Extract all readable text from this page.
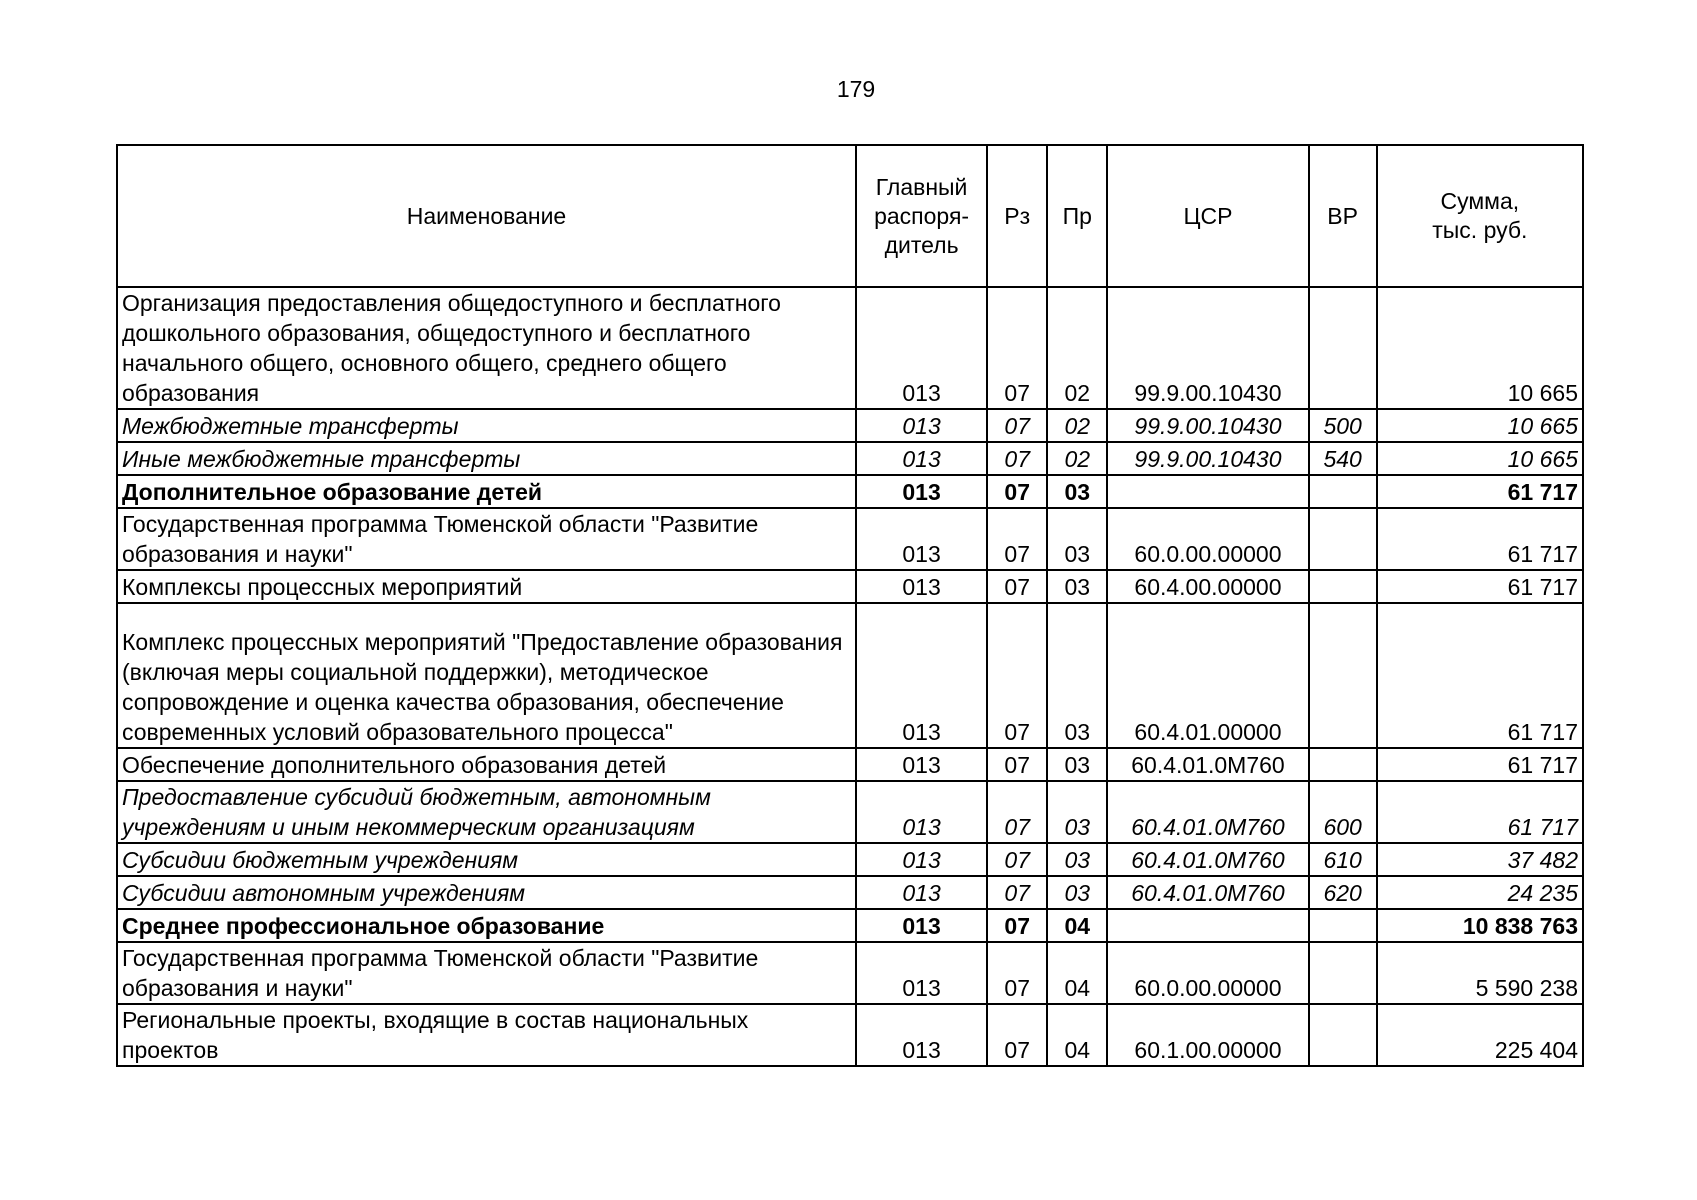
179
Наименование	Главный
распоря-
дитель	Рз	Пр	ЦСР	ВР	Сумма,
тыс. руб.
Организация предоставления общедоступного и бесплатного дошкольного образования, общедоступного и бесплатного начального общего, основного общего, среднего общего образования	013	07	02	99.9.00.10430		10 665
Межбюджетные трансферты	013	07	02	99.9.00.10430	500	10 665
Иные межбюджетные трансферты	013	07	02	99.9.00.10430	540	10 665
Дополнительное образование детей	013	07	03			61 717
Государственная программа Тюменской области "Развитие образования и науки"	013	07	03	60.0.00.00000		61 717
Комплексы процессных мероприятий	013	07	03	60.4.00.00000		61 717
Комплекс процессных мероприятий "Предоставление образования (включая меры социальной поддержки), методическое сопровождение и оценка качества образования, обеспечение современных условий образовательного процесса"	013	07	03	60.4.01.00000		61 717
Обеспечение дополнительного образования детей	013	07	03	60.4.01.0М760		61 717
Предоставление субсидий бюджетным, автономным учреждениям и иным некоммерческим организациям	013	07	03	60.4.01.0М760	600	61 717
Субсидии бюджетным учреждениям	013	07	03	60.4.01.0М760	610	37 482
Субсидии автономным учреждениям	013	07	03	60.4.01.0М760	620	24 235
Среднее профессиональное образование	013	07	04			10 838 763
Государственная программа Тюменской области "Развитие образования и науки"	013	07	04	60.0.00.00000		5 590 238
Региональные проекты, входящие в состав национальных проектов	013	07	04	60.1.00.00000		225 404
